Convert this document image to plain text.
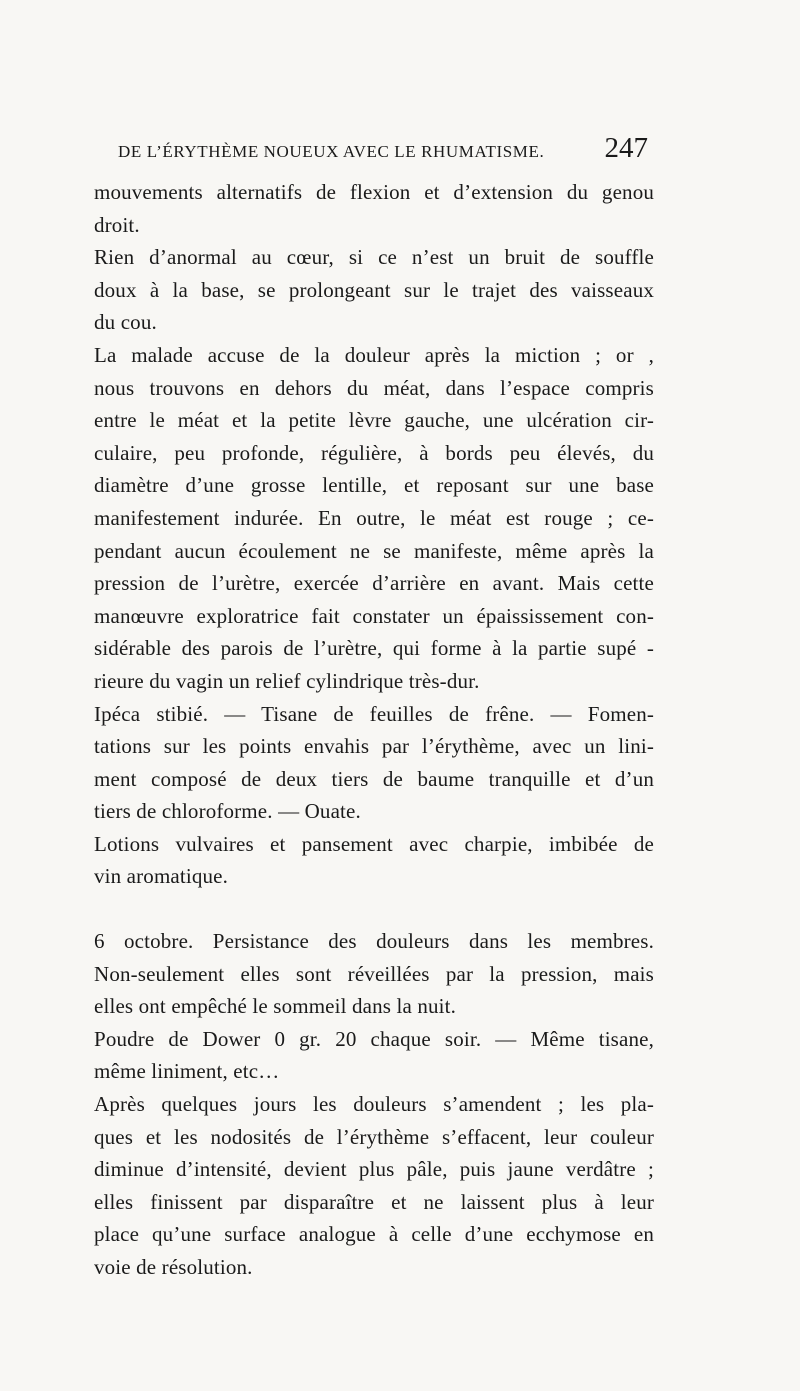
DE L’ÉRYTHÈME NOUEUX AVEC LE RHUMATISME. 247
mouvements alternatifs de flexion et d’extension du genou
droit.
Rien d’anormal au cœur, si ce n’est un bruit de souffle
doux à la base, se prolongeant sur le trajet des vaisseaux
du cou.
La malade accuse de la douleur après la miction ; or ,
nous trouvons en dehors du méat, dans l’espace compris
entre le méat et la petite lèvre gauche, une ulcération cir-
culaire, peu profonde, régulière, à bords peu élevés, du
diamètre d’une grosse lentille, et reposant sur une base
manifestement indurée. En outre, le méat est rouge ; ce-
pendant aucun écoulement ne se manifeste, même après la
pression de l’urètre, exercée d’arrière en avant. Mais cette
manœuvre exploratrice fait constater un épaississement con-
sidérable des parois de l’urètre, qui forme à la partie supé -
rieure du vagin un relief cylindrique très-dur.
Ipéca stibié. — Tisane de feuilles de frêne. — Fomen-
tations sur les points envahis par l’érythème, avec un lini-
ment composé de deux tiers de baume tranquille et d’un
tiers de chloroforme. — Ouate.
Lotions vulvaires et pansement avec charpie, imbibée de
vin aromatique.
6 octobre. Persistance des douleurs dans les membres.
Non-seulement elles sont réveillées par la pression, mais
elles ont empêché le sommeil dans la nuit.
Poudre de Dower 0 gr. 20 chaque soir. — Même tisane,
même liniment, etc…
Après quelques jours les douleurs s’amendent ; les pla-
ques et les nodosités de l’érythème s’effacent, leur couleur
diminue d’intensité, devient plus pâle, puis jaune verdâtre ;
elles finissent par disparaître et ne laissent plus à leur
place qu’une surface analogue à celle d’une ecchymose en
voie de résolution.
